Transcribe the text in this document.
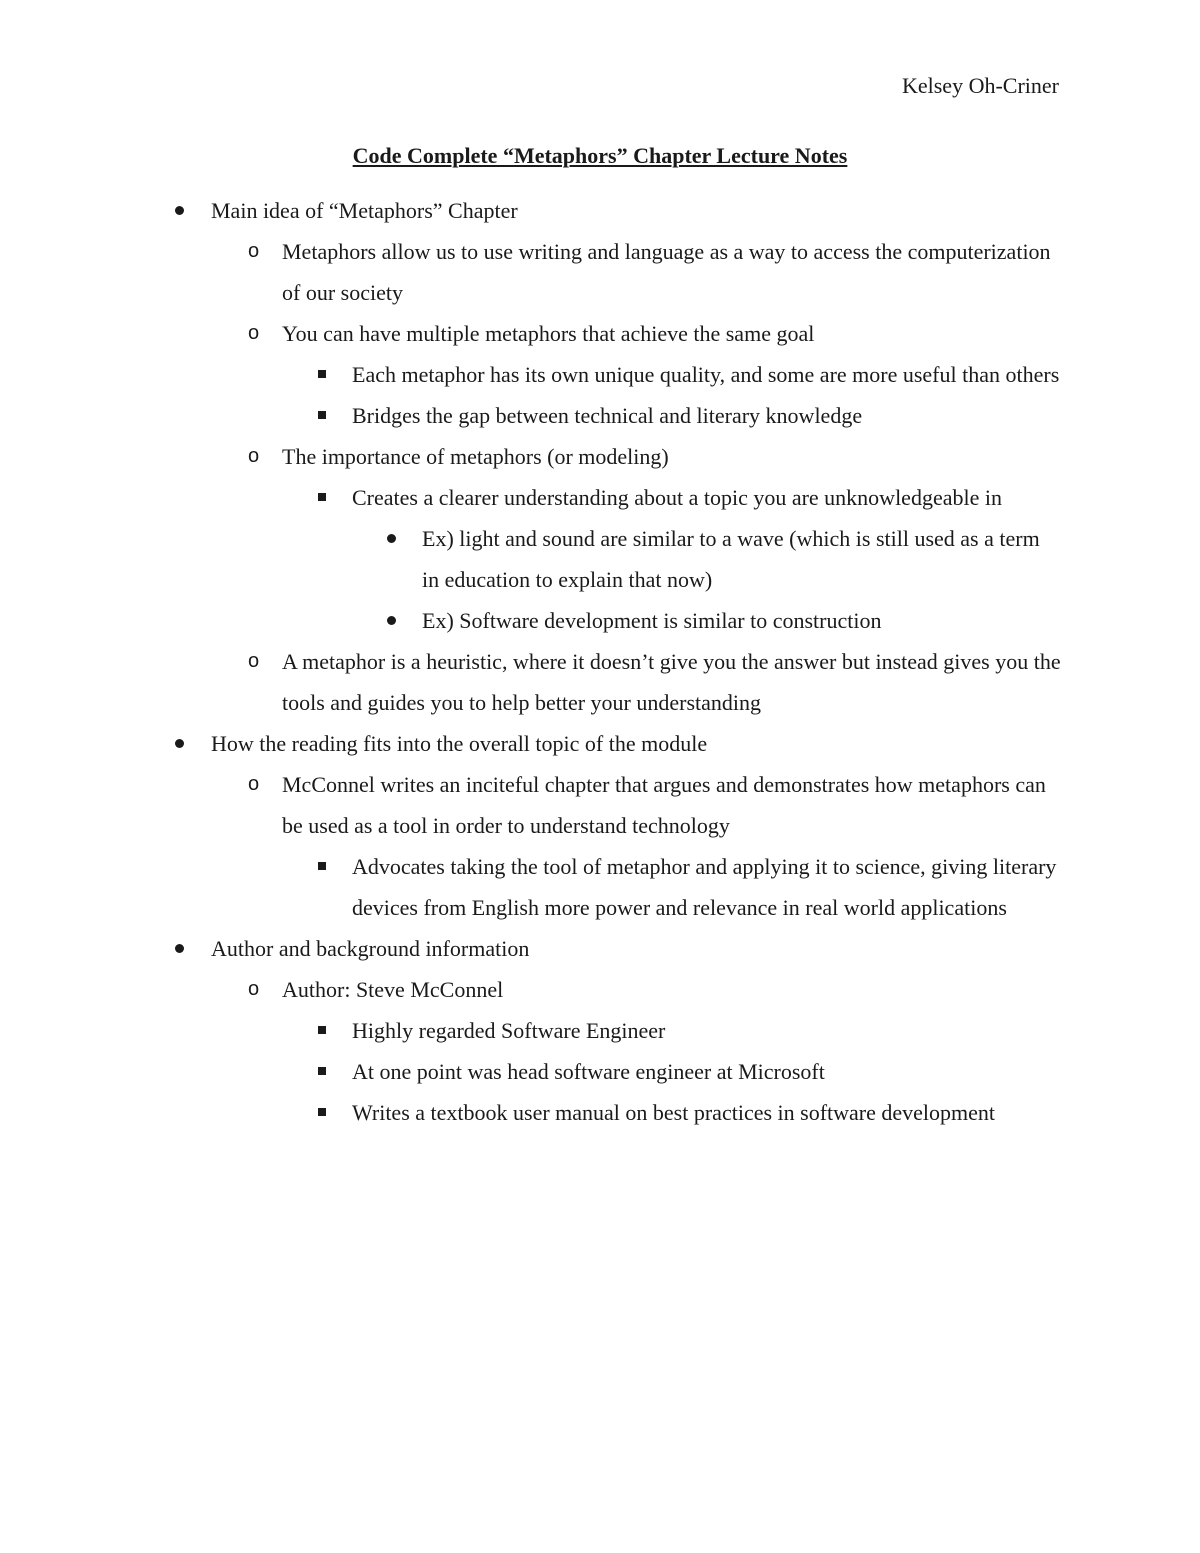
Kelsey Oh-Criner

Code Complete “Metaphors” Chapter Lecture Notes
Main idea of “Metaphors” Chapter
o
Metaphors allow us to use writing and language as a way to access the computerization of our society
o
You can have multiple metaphors that achieve the same goal
Each metaphor has its own unique quality, and some are more useful than others
Bridges the gap between technical and literary knowledge
o
The importance of metaphors (or modeling)
Creates a clearer understanding about a topic you are unknowledgeable in
Ex) light and sound are similar to a wave (which is still used as a term in education to explain that now)
Ex) Software development is similar to construction
o
A metaphor is a heuristic, where it doesn’t give you the answer but instead gives you the tools and guides you to help better your understanding
How the reading fits into the overall topic of the module
o
McConnel writes an inciteful chapter that argues and demonstrates how metaphors can be used as a tool in order to understand technology
Advocates taking the tool of metaphor and applying it to science, giving literary devices from English more power and relevance in real world applications
Author and background information
o
Author: Steve McConnel
Highly regarded Software Engineer
At one point was head software engineer at Microsoft
Writes a textbook user manual on best practices in software development
